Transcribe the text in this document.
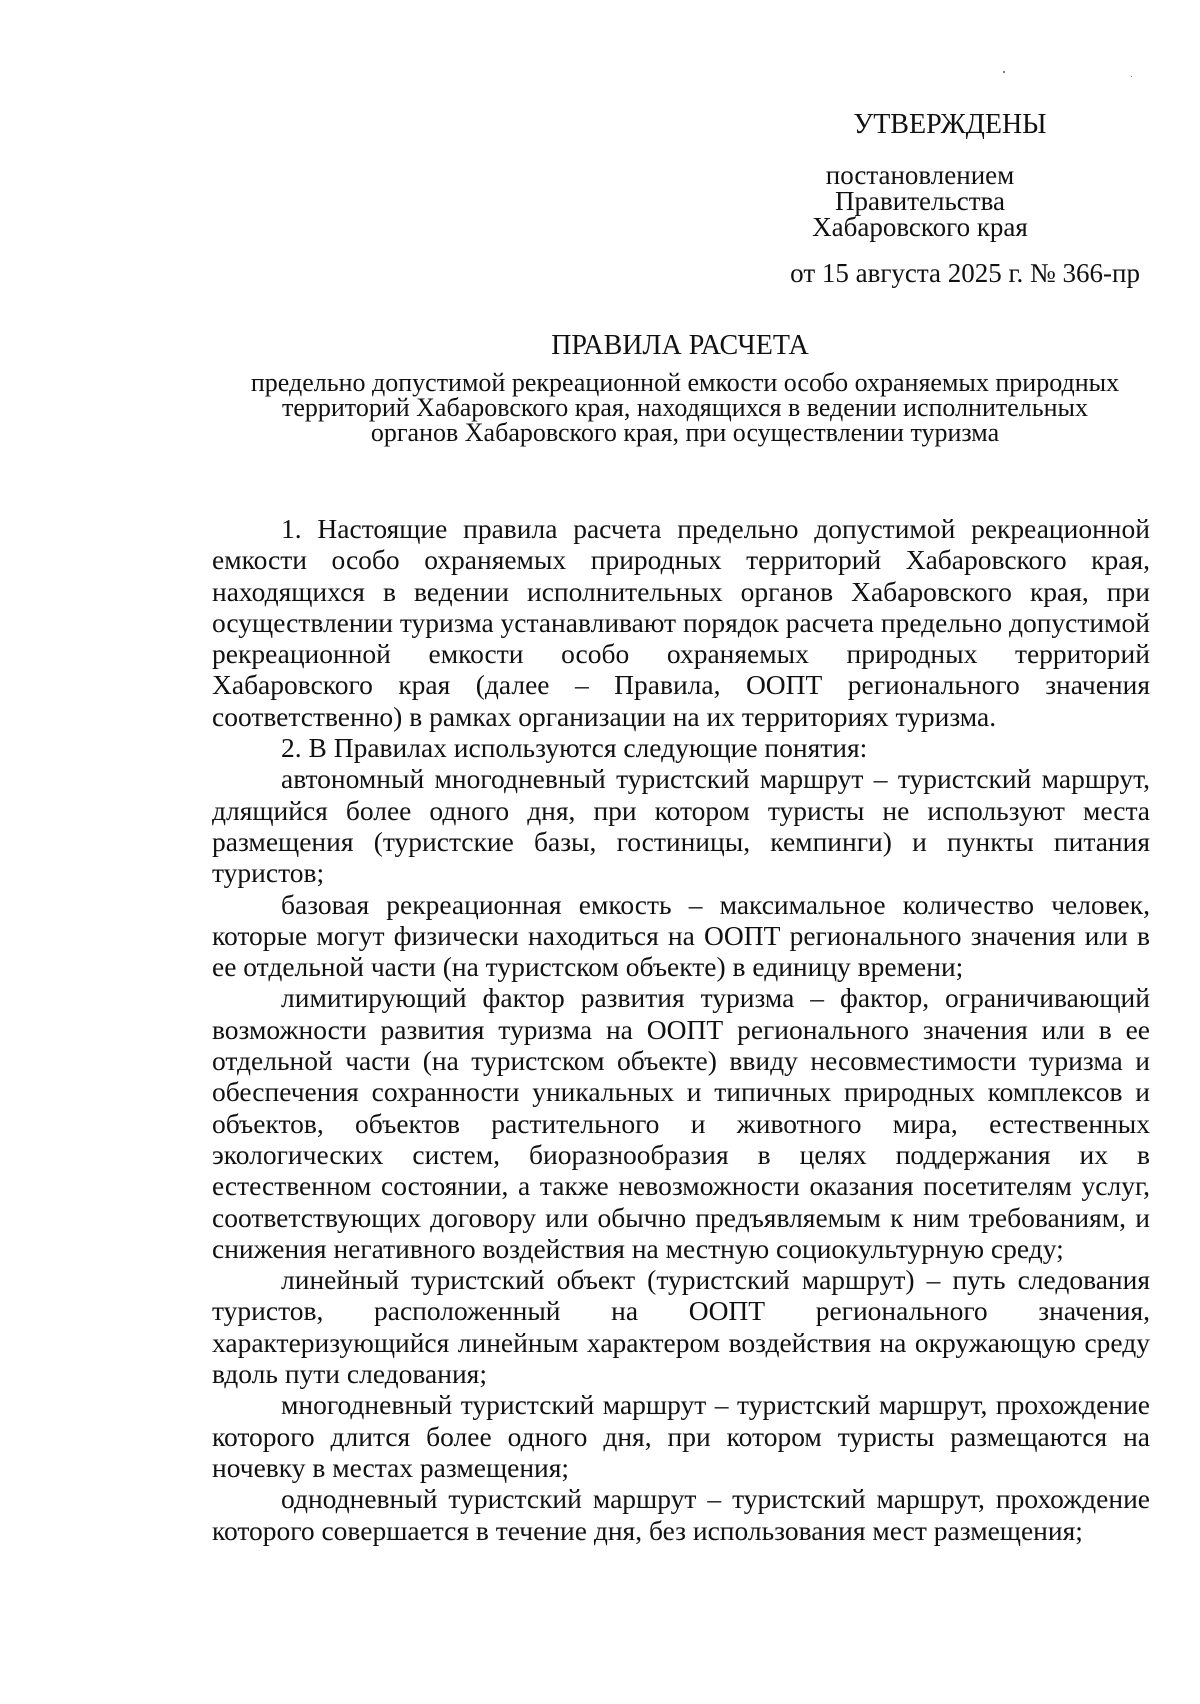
УТВЕРЖДЕНЫ
постановлением
Правительства
Хабаровского края
от 15 августа 2025 г. № 366-пр
ПРАВИЛА РАСЧЕТА
предельно допустимой рекреационной емкости особо охраняемых природных
территорий Хабаровского края, находящихся в ведении исполнительных
органов Хабаровского края, при осуществлении туризма

1. Настоящие правила расчета предельно допустимой рекреационной емкости особо охраняемых природных территорий Хабаровского края, находящихся в ведении исполнительных органов Хабаровского края, при осуществлении туризма устанавливают порядок расчета предельно допустимой рекреационной емкости особо охраняемых природных территорий Хабаровского края (далее – Правила, ООПТ регионального значения соответственно) в рамках организации на их территориях туризма.

2. В Правилах используются следующие понятия:

автономный многодневный туристский маршрут – туристский маршрут, длящийся более одного дня, при котором туристы не используют места размещения (туристские базы, гостиницы, кемпинги) и пункты питания туристов;

базовая рекреационная емкость – максимальное количество человек, которые могут физически находиться на ООПТ регионального значения или в ее отдельной части (на туристском объекте) в единицу времени;

лимитирующий фактор развития туризма – фактор, ограничивающий возможности развития туризма на ООПТ регионального значения или в ее отдельной части (на туристском объекте) ввиду несовместимости туризма и обеспечения сохранности уникальных и типичных природных комплексов и объектов, объектов растительного и животного мира, естественных экологических систем, биоразнообразия в целях поддержания их в естественном состоянии, а также невозможности оказания посетителям услуг, соответствующих договору или обычно предъявляемым к ним требованиям, и снижения негативного воздействия на местную социокультурную среду;

линейный туристский объект (туристский маршрут) – путь следования туристов, расположенный на ООПТ регионального значения, характеризующийся линейным характером воздействия на окружающую среду вдоль пути следования;

многодневный туристский маршрут – туристский маршрут, прохождение которого длится более одного дня, при котором туристы размещаются на ночевку в местах размещения;

однодневный туристский маршрут – туристский маршрут, прохождение которого совершается в течение дня, без использования мест размещения;
